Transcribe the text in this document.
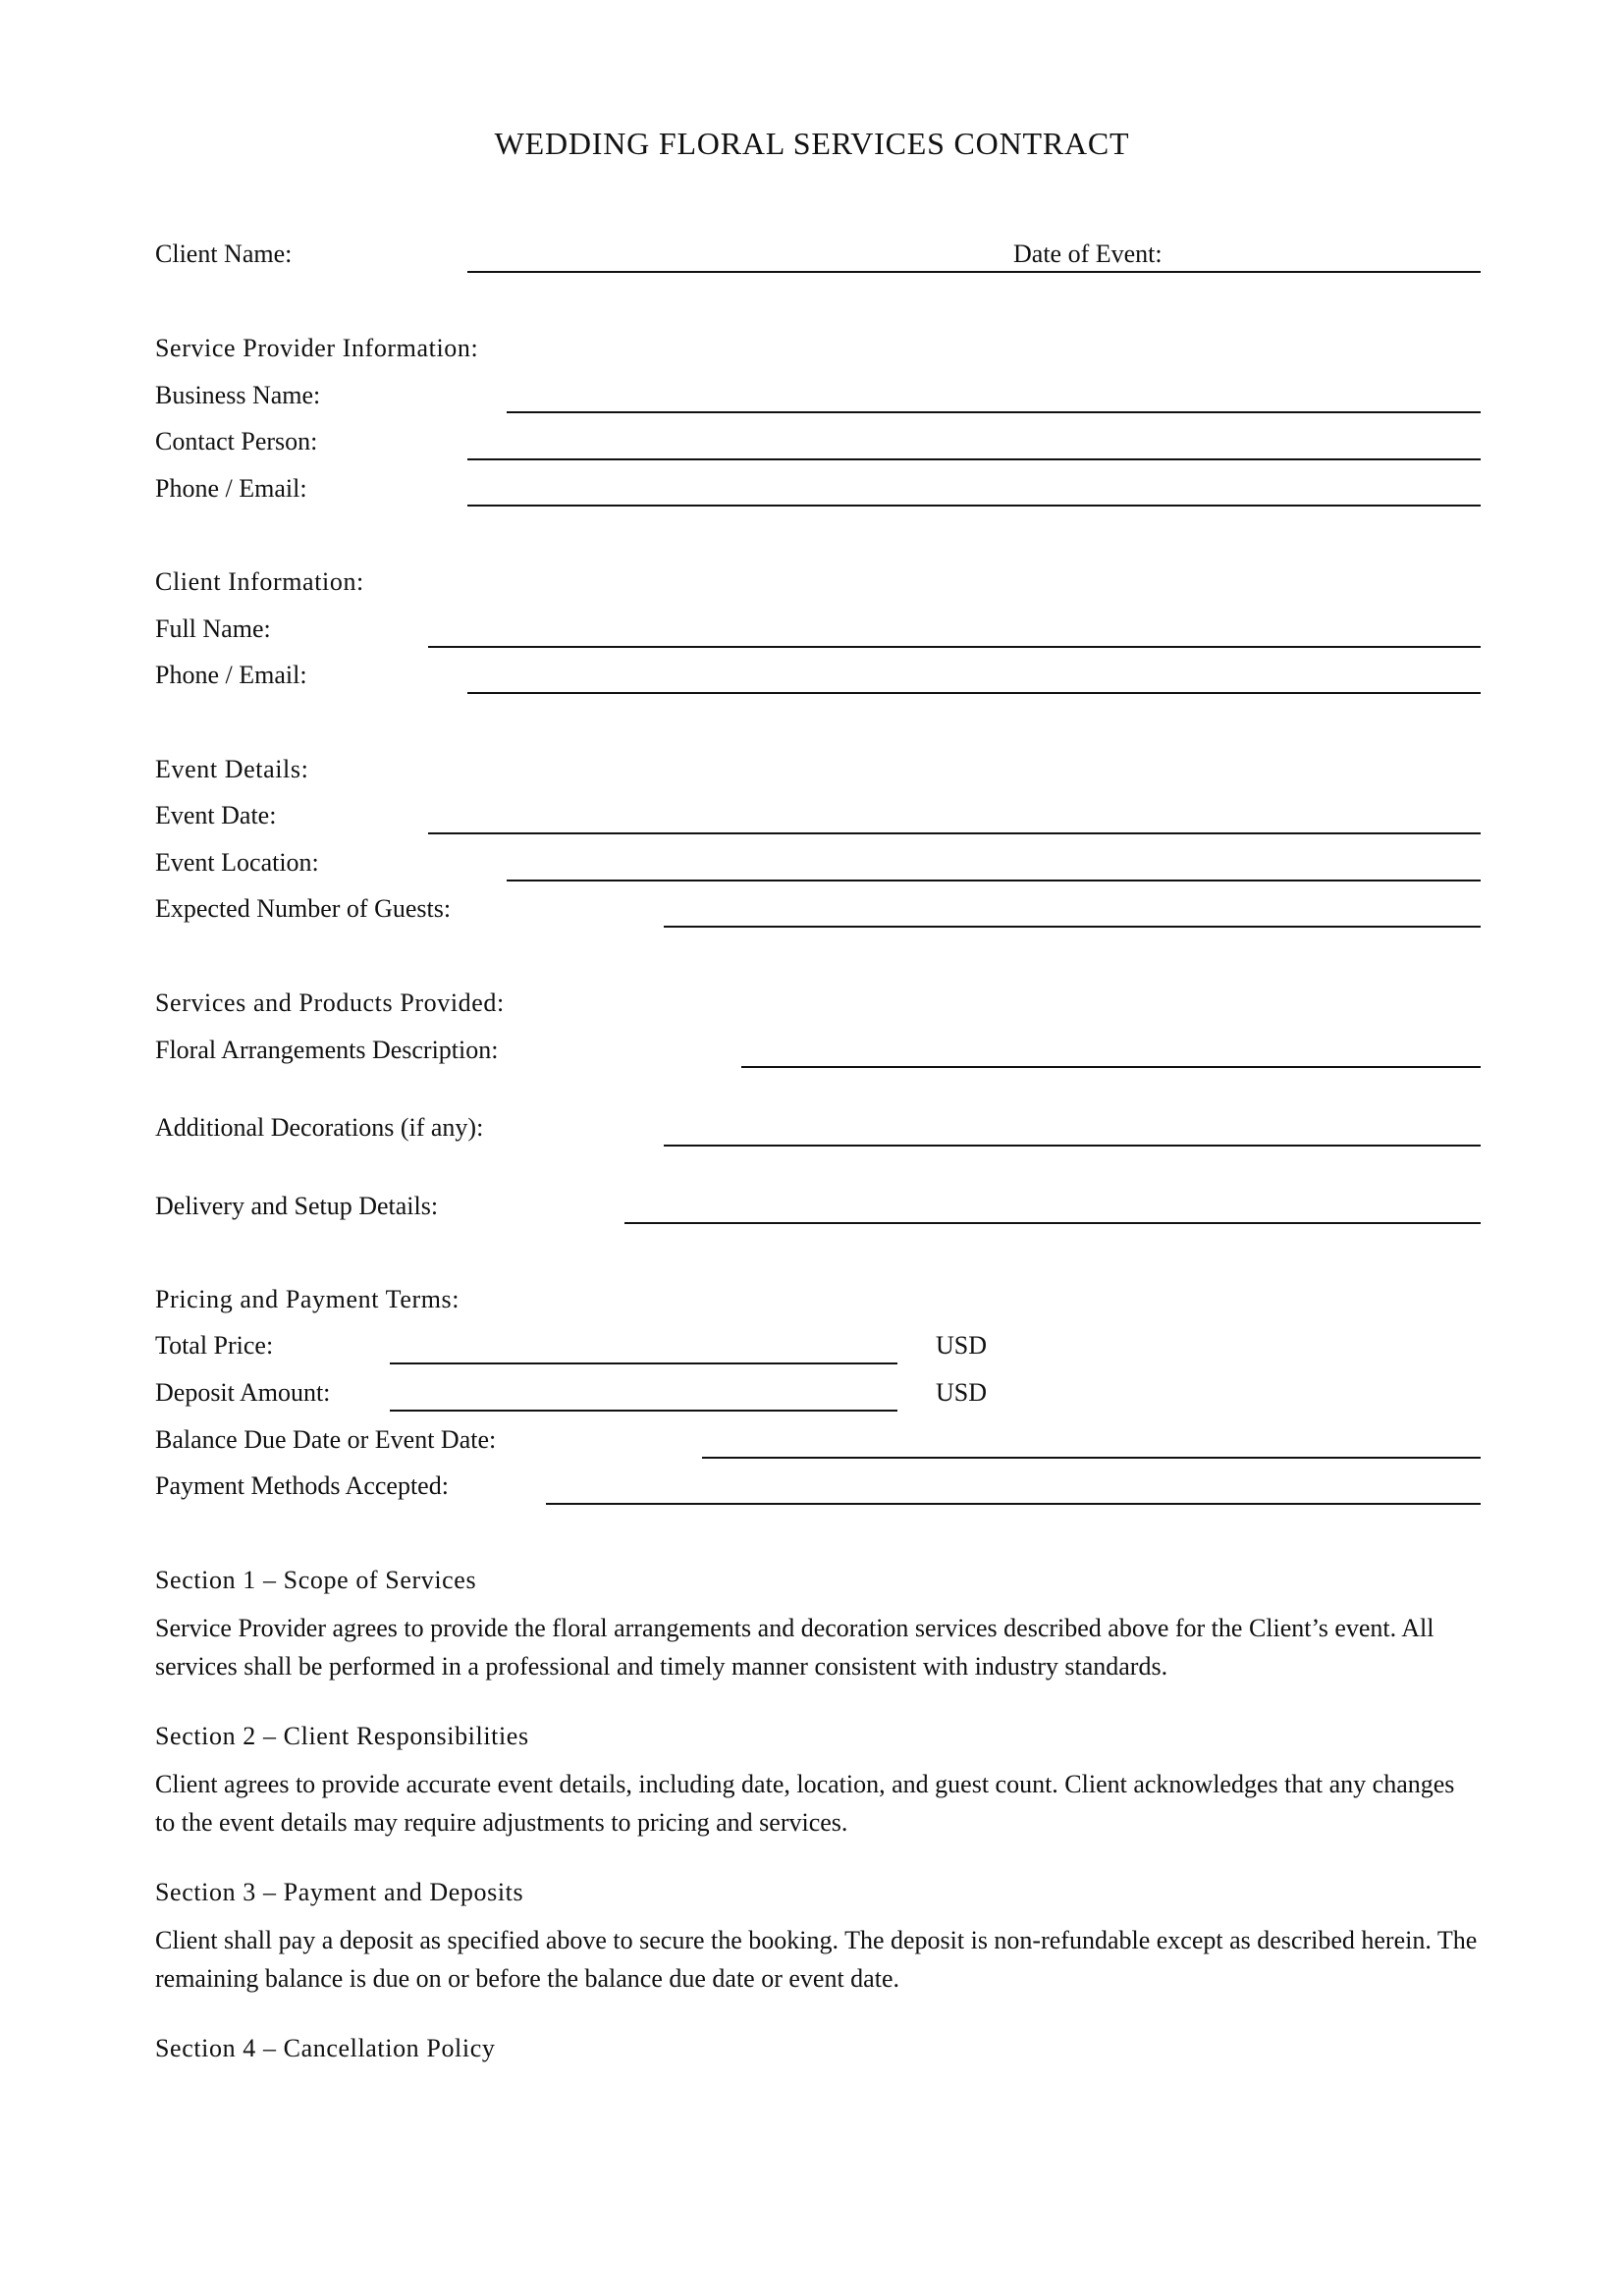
WEDDING FLORAL SERVICES CONTRACT
Client Name:	Date of Event:
Service Provider Information:
Business Name:
Contact Person:
Phone / Email:
Client Information:
Full Name:
Phone / Email:
Event Details:
Event Date:
Event Location:
Expected Number of Guests:
Services and Products Provided:
Floral Arrangements Description:
Additional Decorations (if any):
Delivery and Setup Details:
Pricing and Payment Terms:
Total Price:	USD
Deposit Amount:	USD
Balance Due Date or Event Date:
Payment Methods Accepted:
Section 1 – Scope of Services
Service Provider agrees to provide the floral arrangements and decoration services described above for the Client’s event. All services shall be performed in a professional and timely manner consistent with industry standards.
Section 2 – Client Responsibilities
Client agrees to provide accurate event details, including date, location, and guest count. Client acknowledges that any changes to the event details may require adjustments to pricing and services.
Section 3 – Payment and Deposits
Client shall pay a deposit as specified above to secure the booking. The deposit is non-refundable except as described herein. The remaining balance is due on or before the balance due date or event date.
Section 4 – Cancellation Policy
